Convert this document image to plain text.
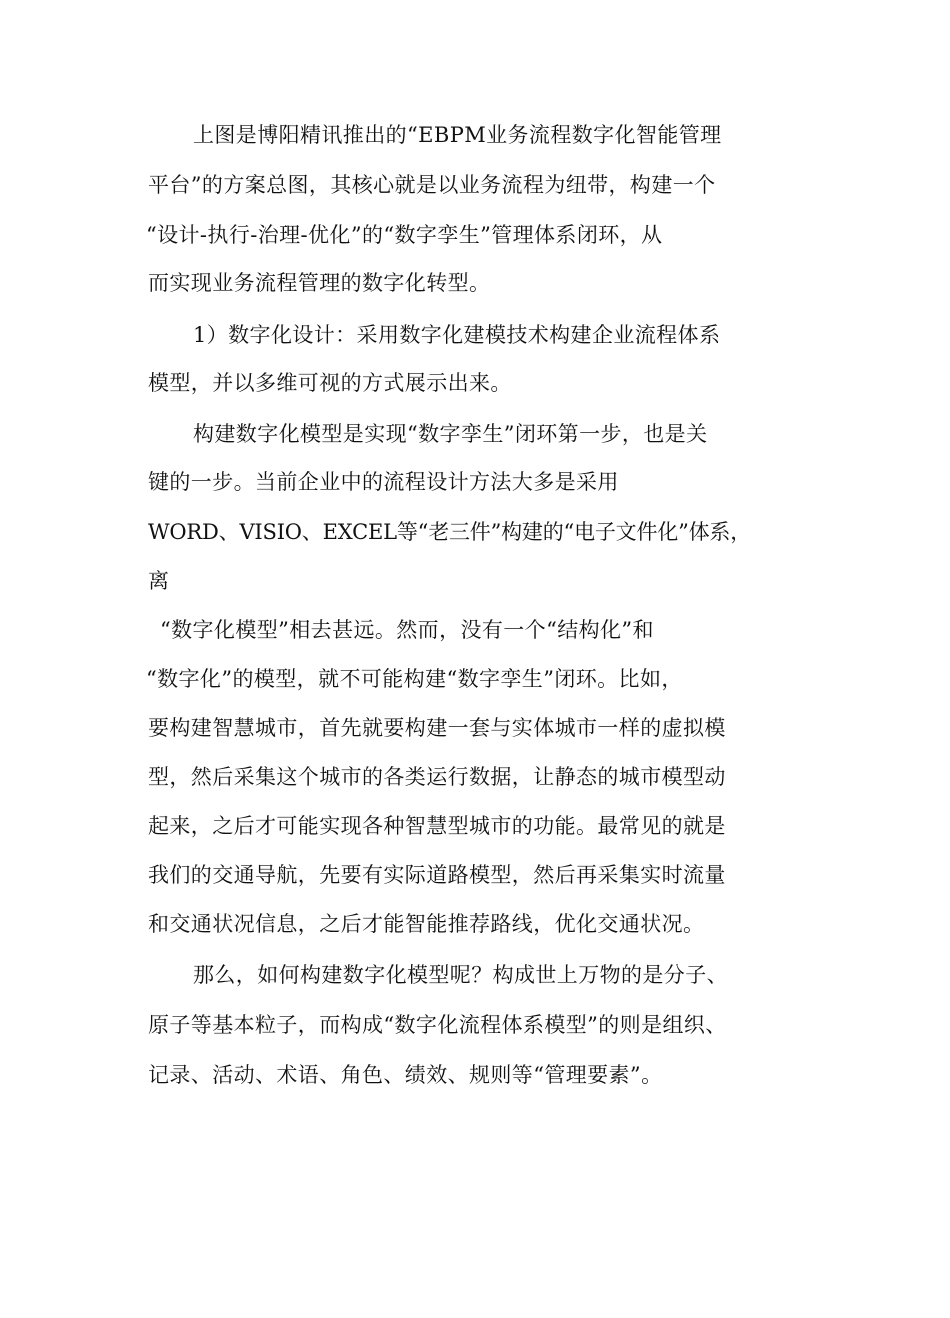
上图是博阳精讯推出的“EBPM业务流程数字化智能管理
平台”的方案总图，其核心就是以业务流程为纽带，构建一个
“设计-执行-治理-优化”的“数字孪生”管理体系闭环，从
而实现业务流程管理的数字化转型。
1）数字化设计：采用数字化建模技术构建企业流程体系
模型，并以多维可视的方式展示出来。
构建数字化模型是实现“数字孪生”闭环第一步，也是关
键的一步。当前企业中的流程设计方法大多是采用
WORD、VISIO、EXCEL等“老三件”构建的“电子文件化”体系，
离
“数字化模型”相去甚远。然而，没有一个“结构化”和
“数字化”的模型，就不可能构建“数字孪生”闭环。比如，
要构建智慧城市，首先就要构建一套与实体城市一样的虚拟模
型，然后采集这个城市的各类运行数据，让静态的城市模型动
起来，之后才可能实现各种智慧型城市的功能。最常见的就是
我们的交通导航，先要有实际道路模型，然后再采集实时流量
和交通状况信息，之后才能智能推荐路线，优化交通状况。
那么，如何构建数字化模型呢？构成世上万物的是分子、
原子等基本粒子，而构成“数字化流程体系模型”的则是组织、
记录、活动、术语、角色、绩效、规则等“管理要素”。
